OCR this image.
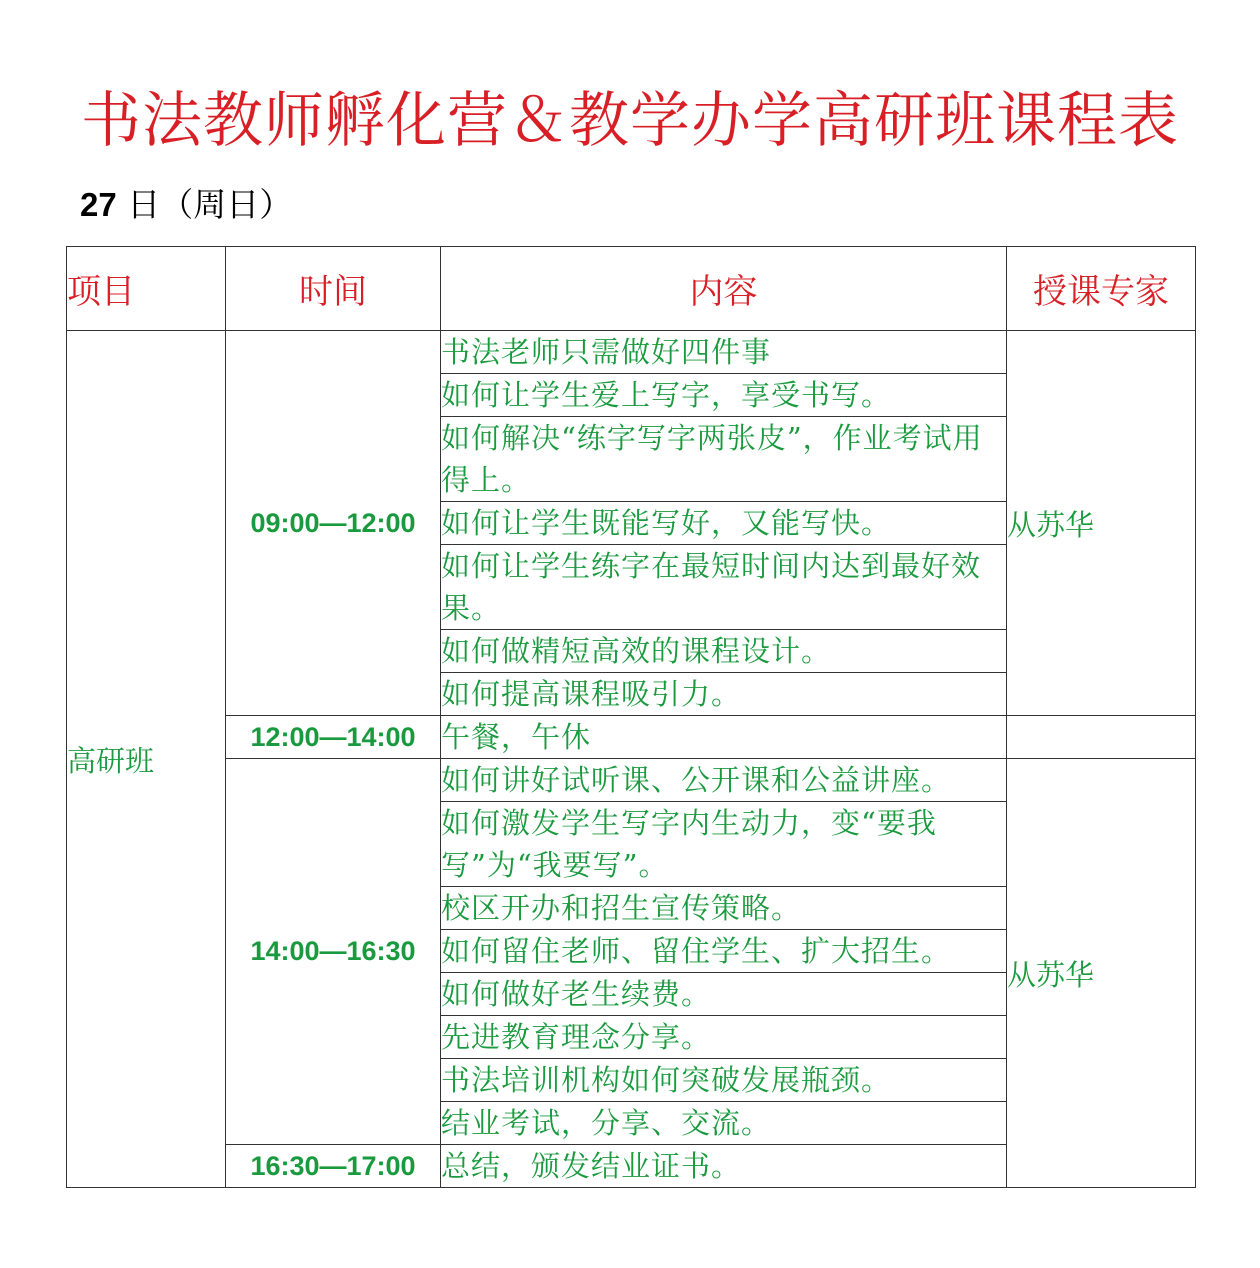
书法教师孵化营＆教学办学高研班课程表
27 日（周日）
项目	时间	内容	授课专家
高研班	09:00—12:00	书法老师只需做好四件事	从苏华
		如何让学生爱上写字，享受书写。	
		如何解决“练字写字两张皮”，作业考试用得上。	
		如何让学生既能写好，又能写快。	
		如何让学生练字在最短时间内达到最好效果。	
		如何做精短高效的课程设计。	
		如何提高课程吸引力。	
	12:00—14:00	午餐，午休	
	14:00—16:30	如何讲好试听课、公开课和公益讲座。	从苏华
		如何激发学生写字内生动力，变“要我写”为“我要写”。	
		校区开办和招生宣传策略。	
		如何留住老师、留住学生、扩大招生。	
		如何做好老生续费。	
		先进教育理念分享。	
		书法培训机构如何突破发展瓶颈。	
		结业考试，分享、交流。	
	16:30—17:00	总结，颁发结业证书。	
